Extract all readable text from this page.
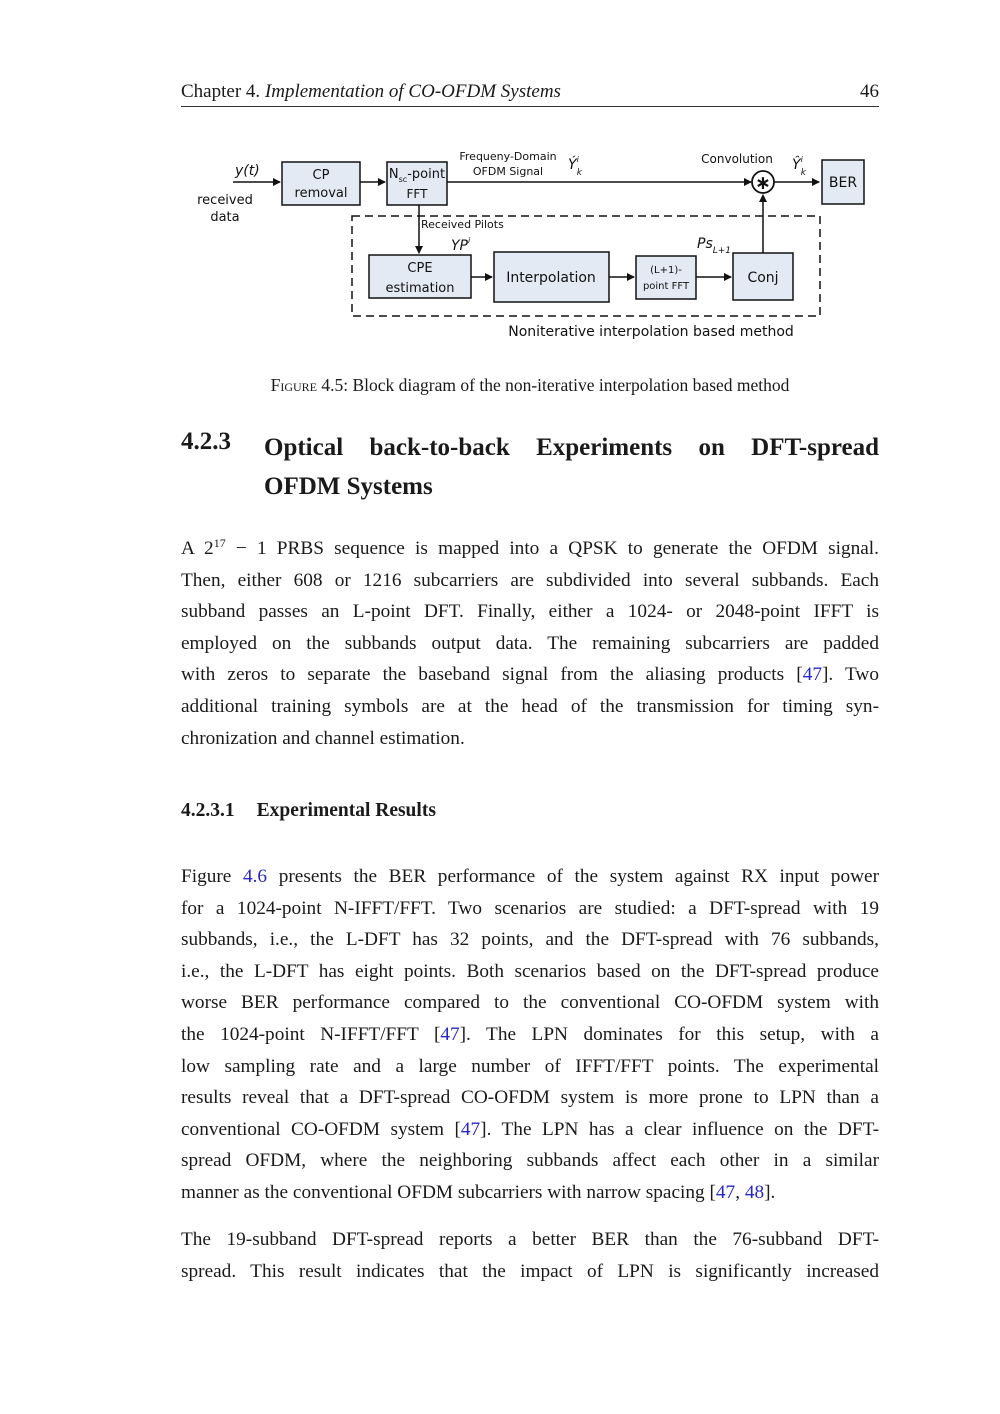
Chapter 4. Implementation of CO-OFDM Systems	46
y(t)
received
data
CP
removal
$N_{sc}$-point
FFT
Frequeny-Domain
OFDM Signal $Ý^i$ k
Convolution
∗
$Ŷ^i$ k
BER
Noniterative interpolation based method
Received Pilots
$YP^i$
CPE
estimation
Interpolation	(L+1)-
point FFT
$Ps_{L+1}$
Conj
Figure 4.5: Block diagram of the non-iterative interpolation based method
4.2.3 Optical back-to-back Experiments on DFT-spread
OFDM Systems
A $2^{17} - 1$ PRBS sequence is mapped into a QPSK to generate the OFDM signal.
Then, either 608 or 1216 subcarriers are subdivided into several subbands. Each
subband passes an L-point DFT. Finally, either a 1024- or 2048-point IFFT is
employed on the subbands output data. The remaining subcarriers are padded
with zeros to separate the baseband signal from the aliasing products [47]. Two
additional training symbols are at the head of the transmission for timing syn-
chronization and channel estimation.
4.2.3.1 Experimental Results
Figure 4.6 presents the BER performance of the system against RX input power
for a 1024-point N-IFFT/FFT. Two scenarios are studied: a DFT-spread with 19
subbands, i.e., the L-DFT has 32 points, and the DFT-spread with 76 subbands,
i.e., the L-DFT has eight points. Both scenarios based on the DFT-spread produce
worse BER performance compared to the conventional CO-OFDM system with
the 1024-point N-IFFT/FFT [47]. The LPN dominates for this setup, with a
low sampling rate and a large number of IFFT/FFT points. The experimental
results reveal that a DFT-spread CO-OFDM system is more prone to LPN than a
conventional CO-OFDM system [47]. The LPN has a clear influence on the DFT-
spread OFDM, where the neighboring subbands affect each other in a similar
manner as the conventional OFDM subcarriers with narrow spacing [47, 48].
The 19-subband DFT-spread reports a better BER than the 76-subband DFT-
spread. This result indicates that the impact of LPN is significantly increased
